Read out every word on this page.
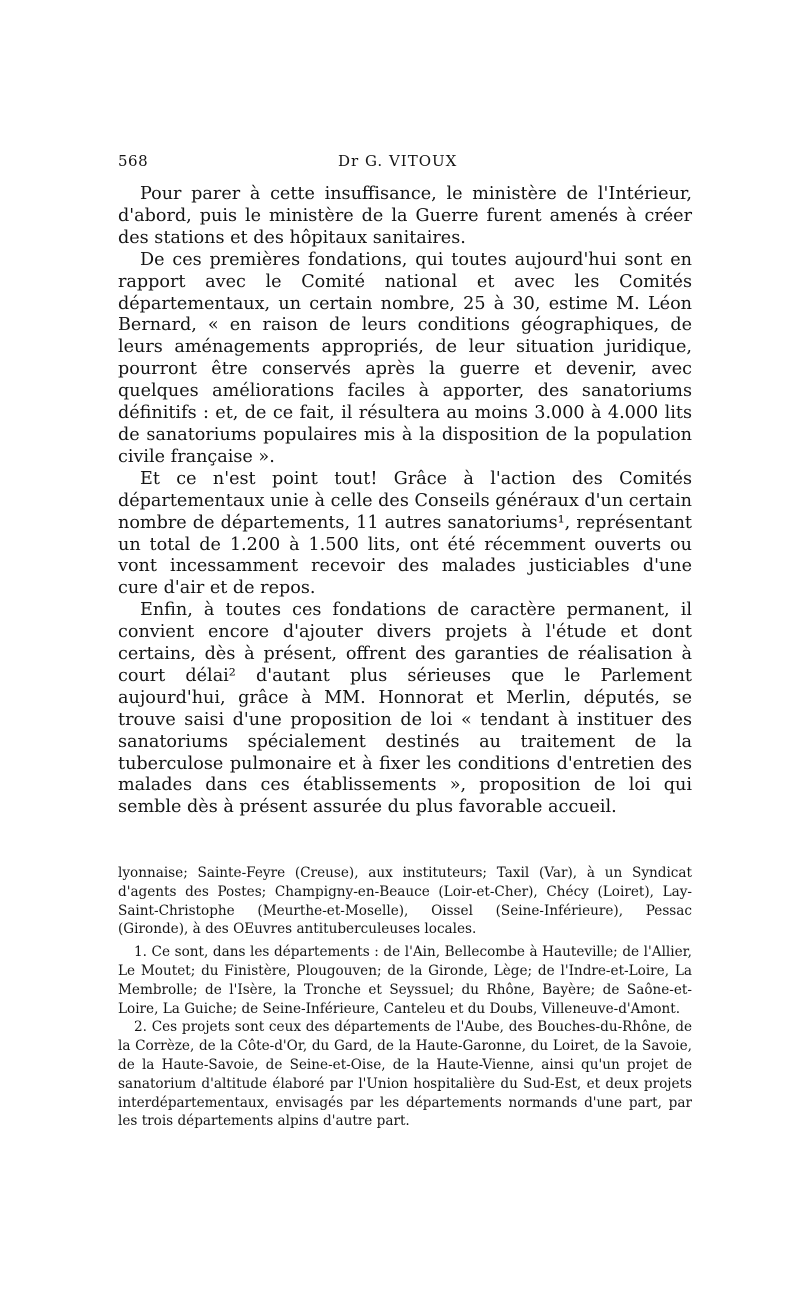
568	Dr G. VITOUX

Pour parer à cette insuffisance, le ministère de l'Intérieur, d'abord, puis le ministère de la Guerre furent amenés à créer des stations et des hôpitaux sanitaires.

De ces premières fondations, qui toutes aujourd'hui sont en rapport avec le Comité national et avec les Comités départementaux, un certain nombre, 25 à 30, estime M. Léon Bernard, « en raison de leurs conditions géographiques, de leurs aménagements appropriés, de leur situation juridique, pourront être conservés après la guerre et devenir, avec quelques améliorations faciles à apporter, des sanatoriums définitifs : et, de ce fait, il résultera au moins 3.000 à 4.000 lits de sanatoriums populaires mis à la disposition de la population civile française ».

Et ce n'est point tout! Grâce à l'action des Comités départementaux unie à celle des Conseils généraux d'un certain nombre de départements, 11 autres sanatoriums¹, représentant un total de 1.200 à 1.500 lits, ont été récemment ouverts ou vont incessamment recevoir des malades justiciables d'une cure d'air et de repos.

Enfin, à toutes ces fondations de caractère permanent, il convient encore d'ajouter divers projets à l'étude et dont certains, dès à présent, offrent des garanties de réalisation à court délai² d'autant plus sérieuses que le Parlement aujourd'hui, grâce à MM. Honnorat et Merlin, députés, se trouve saisi d'une proposition de loi « tendant à instituer des sanatoriums spécialement destinés au traitement de la tuberculose pulmonaire et à fixer les conditions d'entretien des malades dans ces établissements », proposition de loi qui semble dès à présent assurée du plus favorable accueil.

lyonnaise; Sainte-Feyre (Creuse), aux instituteurs; Taxil (Var), à un Syndicat d'agents des Postes; Champigny-en-Beauce (Loir-et-Cher), Chécy (Loiret), Lay-Saint-Christophe (Meurthe-et-Moselle), Oissel (Seine-Inférieure), Pessac (Gironde), à des OEuvres antituberculeuses locales.

1. Ce sont, dans les départements : de l'Ain, Bellecombe à Hauteville; de l'Allier, Le Moutet; du Finistère, Plougouven; de la Gironde, Lège; de l'Indre-et-Loire, La Membrolle; de l'Isère, la Tronche et Seyssuel; du Rhône, Bayère; de Saône-et-Loire, La Guiche; de Seine-Inférieure, Canteleu et du Doubs, Villeneuve-d'Amont.

2. Ces projets sont ceux des départements de l'Aube, des Bouches-du-Rhône, de la Corrèze, de la Côte-d'Or, du Gard, de la Haute-Garonne, du Loiret, de la Savoie, de la Haute-Savoie, de Seine-et-Oise, de la Haute-Vienne, ainsi qu'un projet de sanatorium d'altitude élaboré par l'Union hospitalière du Sud-Est, et deux projets interdépartementaux, envisagés par les départements normands d'une part, par les trois départements alpins d'autre part.
